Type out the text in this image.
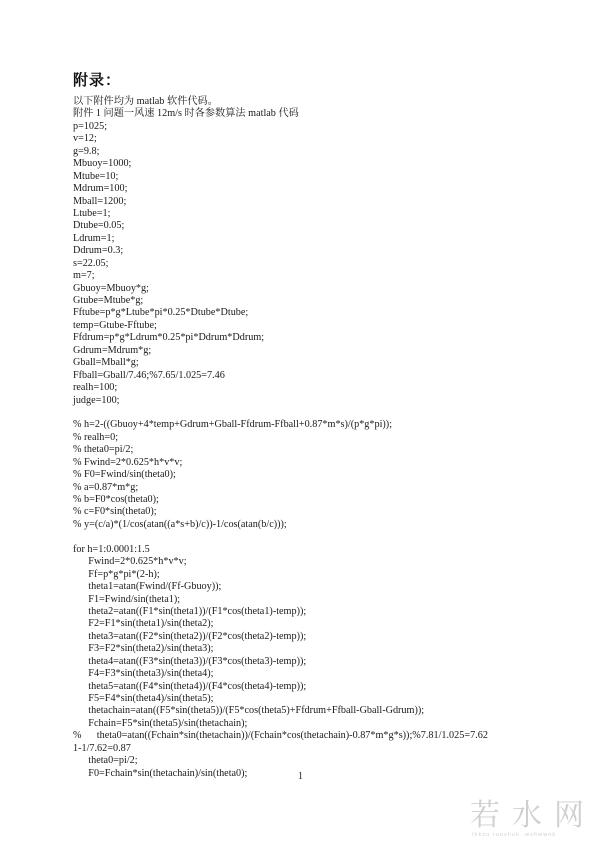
附录：
以下附件均为 matlab 软件代码。
附件 1 问题一风速 12m/s 时各参数算法 matlab 代码
p=1025;
v=12;
g=9.8;
Mbuoy=1000;
Mtube=10;
Mdrum=100;
Mball=1200;
Ltube=1;
Dtube=0.05;
Ldrum=1;
Ddrum=0.3;
s=22.05;
m=7;
Gbuoy=Mbuoy*g;
Gtube=Mtube*g;
Fftube=p*g*Ltube*pi*0.25*Dtube*Dtube;
temp=Gtube-Fftube;
Ffdrum=p*g*Ldrum*0.25*pi*Ddrum*Ddrum;
Gdrum=Mdrum*g;
Gball=Mball*g;
Ffball=Gball/7.46;%7.65/1.025=7.46
realh=100;
judge=100;
% h=2-((Gbuoy+4*temp+Gdrum+Gball-Ffdrum-Ffball+0.87*m*s)/(p*g*pi));
% realh=0;
% theta0=pi/2;
% Fwind=2*0.625*h*v*v;
% F0=Fwind/sin(theta0);
% a=0.87*m*g;
% b=F0*cos(theta0);
% c=F0*sin(theta0);
% y=(c/a)*(1/cos(atan((a*s+b)/c))-1/cos(atan(b/c)));
for h=1:0.0001:1.5
Fwind=2*0.625*h*v*v;
Ff=p*g*pi*(2-h);
theta1=atan(Fwind/(Ff-Gbuoy));
F1=Fwind/sin(theta1);
theta2=atan((F1*sin(theta1))/(F1*cos(theta1)-temp));
F2=F1*sin(theta1)/sin(theta2);
theta3=atan((F2*sin(theta2))/(F2*cos(theta2)-temp));
F3=F2*sin(theta2)/sin(theta3);
theta4=atan((F3*sin(theta3))/(F3*cos(theta3)-temp));
F4=F3*sin(theta3)/sin(theta4);
theta5=atan((F4*sin(theta4))/(F4*cos(theta4)-temp));
F5=F4*sin(theta4)/sin(theta5);
thetachain=atan((F5*sin(theta5))/(F5*cos(theta5)+Ffdrum+Ffball-Gball-Gdrum));
Fchain=F5*sin(theta5)/sin(thetachain);
%      theta0=atan((Fchain*sin(thetachain))/(Fchain*cos(thetachain)-0.87*m*g*s));%7.81/1.025=7.62
1-1/7.62=0.87
theta0=pi/2;
F0=Fchain*sin(thetachain)/sin(theta0);	1
若水网
ihkzu ruoshuk .wshwwnk
